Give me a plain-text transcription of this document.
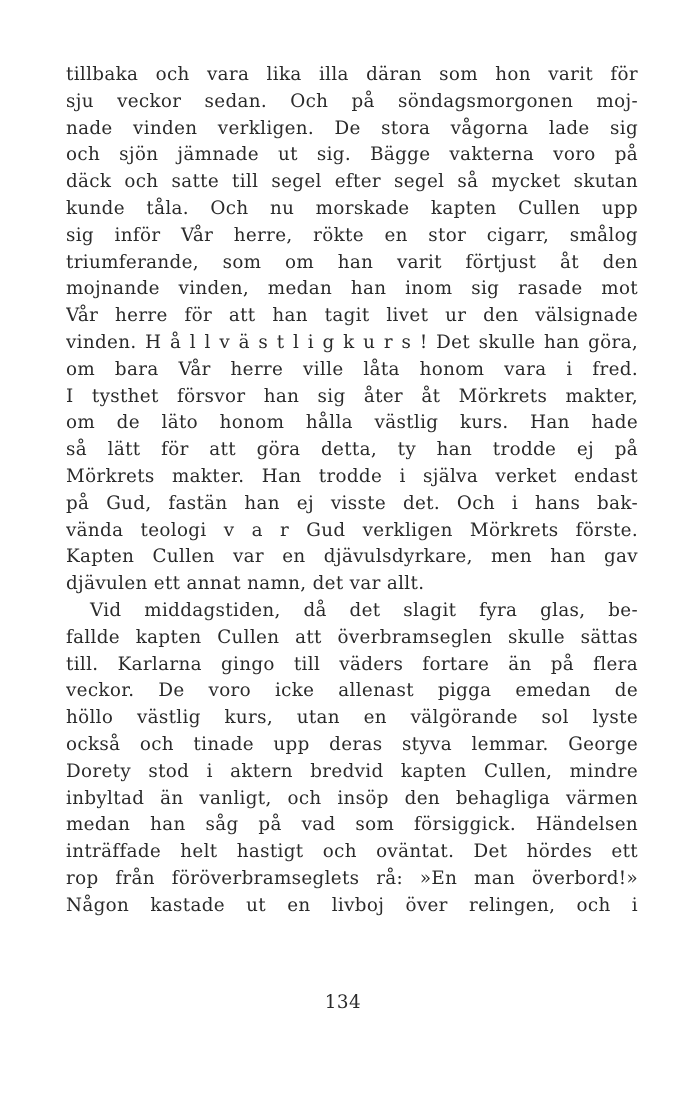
tillbaka och vara lika illa däran som hon varit för
sju veckor sedan. Och på söndagsmorgonen moj-
nade vinden verkligen. De stora vågorna lade sig
och sjön jämnade ut sig. Bägge vakterna voro på
däck och satte till segel efter segel så mycket skutan
kunde tåla. Och nu morskade kapten Cullen upp
sig inför Vår herre, rökte en stor cigarr, smålog
triumferande, som om han varit förtjust åt den
mojnande vinden, medan han inom sig rasade mot
Vår herre för att han tagit livet ur den välsignade
vinden. H å l l v ä s t l i g k u r s ! Det skulle han göra,
om bara Vår herre ville låta honom vara i fred.
I tysthet försvor han sig åter åt Mörkrets makter,
om de läto honom hålla västlig kurs. Han hade
så lätt för att göra detta, ty han trodde ej på
Mörkrets makter. Han trodde i själva verket endast
på Gud, fastän han ej visste det. Och i hans bak-
vända teologi v a r Gud verkligen Mörkrets förste.
Kapten Cullen var en djävulsdyrkare, men han gav
djävulen ett annat namn, det var allt.
Vid middagstiden, då det slagit fyra glas, be-
fallde kapten Cullen att överbramseglen skulle sättas
till. Karlarna gingo till väders fortare än på flera
veckor. De voro icke allenast pigga emedan de
höllo västlig kurs, utan en välgörande sol lyste
också och tinade upp deras styva lemmar. George
Dorety stod i aktern bredvid kapten Cullen, mindre
inbyltad än vanligt, och insöp den behagliga värmen
medan han såg på vad som försiggick. Händelsen
inträffade helt hastigt och oväntat. Det hördes ett
rop från föröverbramseglets rå: »En man överbord!»
Någon kastade ut en livboj över relingen, och i
134
